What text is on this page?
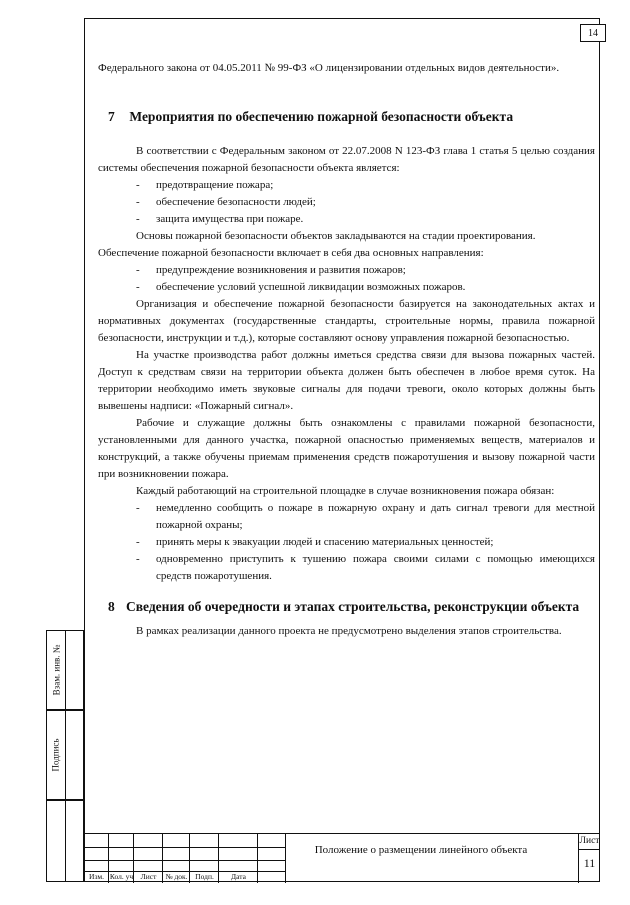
14
Взам. инв. №
Подпись

Федерального закона от 04.05.2011 № 99-ФЗ «О лицензировании отдельных видов деятельности».

7 Мероприятия по обеспечению пожарной безопасности объекта

В соответствии с Федеральным законом от 22.07.2008 N 123-ФЗ глава 1 статья 5 целью создания системы обеспечения пожарной безопасности объекта является:

- предотвращение пожара;
- обеспечение безопасности людей;
- защита имущества при пожаре.

Основы пожарной безопасности объектов закладываются на стадии проектирования.

Обеспечение пожарной безопасности включает в себя два основных направления:

- предупреждение возникновения и развития пожаров;
- обеспечение условий успешной ликвидации возможных пожаров.

Организация и обеспечение пожарной безопасности базируется на законодательных актах и нормативных документах (государственные стандарты, строительные нормы, правила пожарной безопасности, инструкции и т.д.), которые составляют основу управления пожарной безопасностью.

На участке производства работ должны иметься средства связи для вызова пожарных частей. Доступ к средствам связи на территории объекта должен быть обеспечен в любое время суток. На территории необходимо иметь звуковые сигналы для подачи тревоги, около которых должны быть вывешены надписи: «Пожарный сигнал».

Рабочие и служащие должны быть ознакомлены с правилами пожарной безопасности, установленными для данного участка, пожарной опасностью применяемых веществ, материалов и конструкций, а также обучены приемам применения средств пожаротушения и вызову пожарной части при возникновении пожара.

Каждый работающий на строительной площадке в случае возникновения пожара обязан:

- немедленно сообщить о пожаре в пожарную охрану и дать сигнал тревоги для местной пожарной охраны;
- принять меры к эвакуации людей и спасению материальных ценностей;
- одновременно приступить к тушению пожара своими силами с помощью имеющихся средств пожаротушения.
8 Сведения об очередности и этапах строительства, реконструкции объекта

В рамках реализации данного проекта не предусмотрено выделения этапов строительства.

Изм. Кол. уч	Лист	№ док.	Подп.	Дата
Положение о размещении линейного объекта
Лист
11
